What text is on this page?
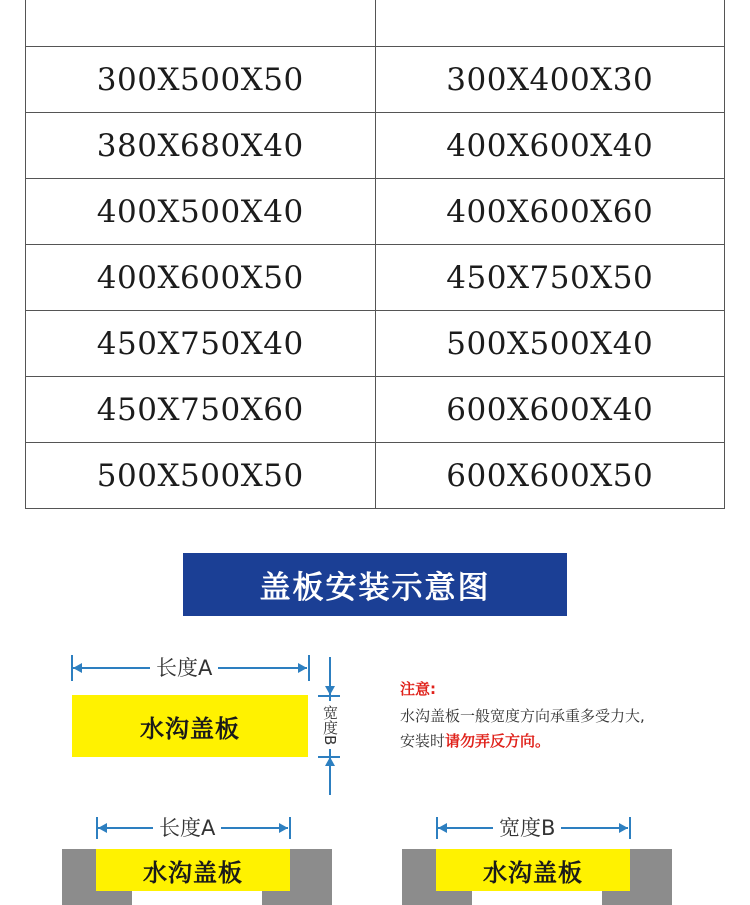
300X500X50	300X400X30
380X680X40	400X600X40
400X500X40	400X600X60
400X600X50	450X750X50
450X750X40	500X500X40
450X750X60	600X600X40
500X500X50	600X600X50
盖板安装示意图
长度A
水沟盖板	宽度B
注意:
水沟盖板一般宽度方向承重多受力大,
安装时请勿弄反方向。
长度A
水沟盖板
宽度B
水沟盖板
